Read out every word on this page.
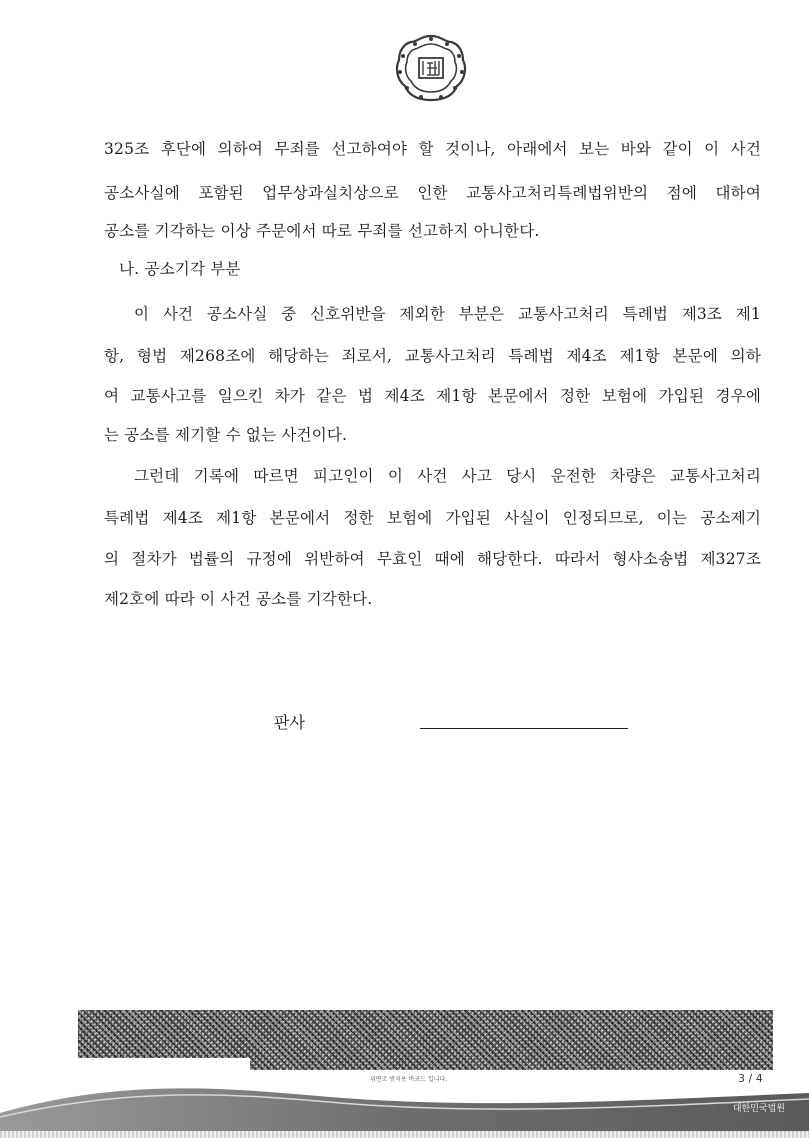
325조 후단에 의하여 무죄를 선고하여야 할 것이나, 아래에서 보는 바와 같이 이 사건
공소사실에 포함된 업무상과실치상으로 인한 교통사고처리특례법위반의 점에 대하여
공소를 기각하는 이상 주문에서 따로 무죄를 선고하지 아니한다.
나. 공소기각 부분
이 사건 공소사실 중 신호위반을 제외한 부분은 교통사고처리 특례법 제3조 제1
항, 형법 제268조에 해당하는 죄로서, 교통사고처리 특례법 제4조 제1항 본문에 의하
여 교통사고를 일으킨 차가 같은 법 제4조 제1항 본문에서 정한 보험에 가입된 경우에
는 공소를 제기할 수 없는 사건이다.
그런데 기록에 따르면 피고인이 이 사건 사고 당시 운전한 차량은 교통사고처리
특례법 제4조 제1항 본문에서 정한 보험에 가입된 사실이 인정되므로, 이는 공소제기
의 절차가 법률의 규정에 위반하여 무효인 때에 해당한다. 따라서 형사소송법 제327조
제2호에 따라 이 사건 공소를 기각한다.
판사
위변조 방지용 바코드 입니다.	3 / 4
대한민국법원
